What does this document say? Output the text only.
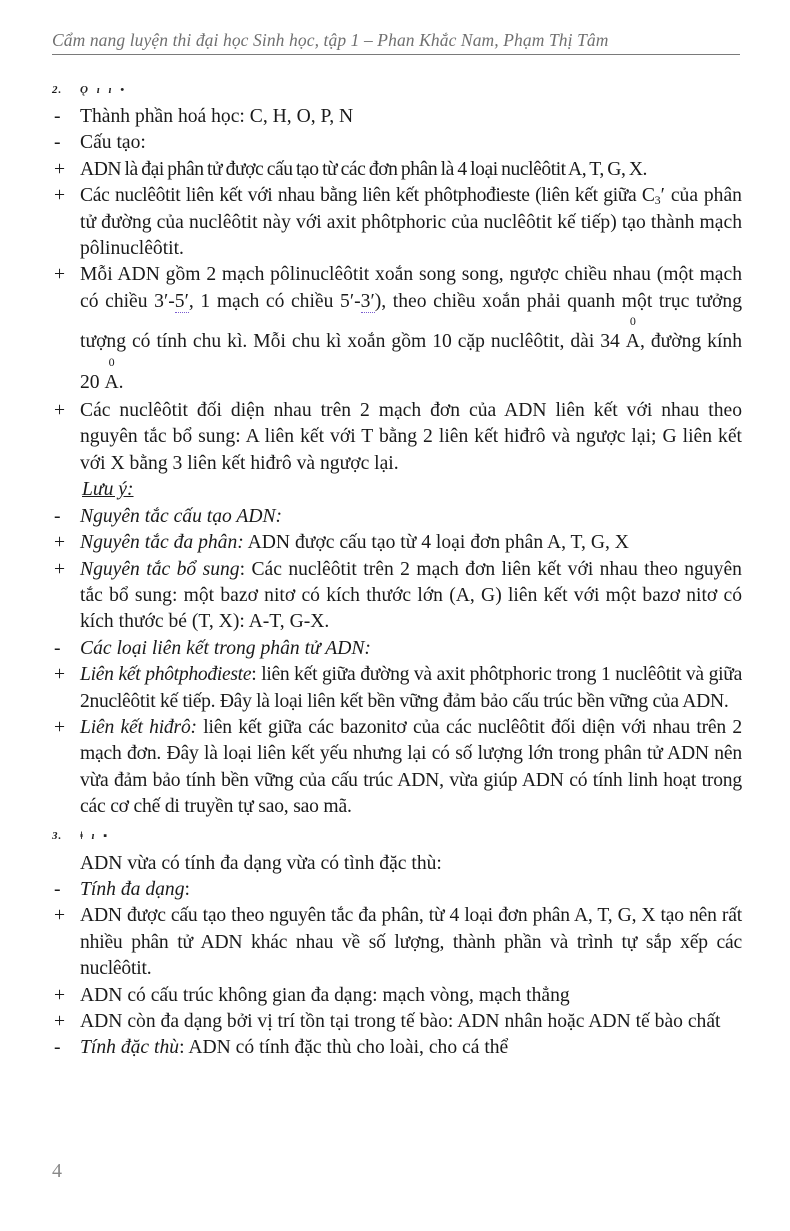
Cẩm nang luyện thi đại học Sinh học, tập 1 – Phan Khắc Nam, Phạm Thị Tâm
2.	Ǫ ı ı •
- Thành phần hoá học: C, H, O, P, N
- Cấu tạo:
+ ADN là đại phân tử được cấu tạo từ các đơn phân là 4 loại nuclêôtit A, T, G, X.
+ Các nuclêôtit liên kết với nhau bằng liên kết phôtphođieste (liên kết giữa $C_3'$ của phân tử đường của nuclêôtit này với axit phôtphoric của nuclêôtit kế tiếp) tạo thành mạch pôlinuclêôtit.
+ Mỗi ADN gồm 2 mạch pôlinuclêôtit xoắn song song, ngược chiều nhau (một mạch có chiều 3′-5′, 1 mạch có chiều 5′-3′), theo chiều xoắn phải quanh một trục tưởng tượng có tính chu kì. Mỗi chu kì xoắn gồm 10 cặp nuclêôtit, dài 34
0
A , đường kính 20
0
A .
+ Các nuclêôtit đối diện nhau trên 2 mạch đơn của ADN liên kết với nhau theo nguyên tắc bổ sung: A liên kết với T bằng 2 liên kết hiđrô và ngược lại; G liên kết với X bằng 3 liên kết hiđrô và ngược lại.
Lưu ý:
- Nguyên tắc cấu tạo ADN:
+ Nguyên tắc đa phân: ADN được cấu tạo từ 4 loại đơn phân A, T, G, X
+ Nguyên tắc bổ sung: Các nuclêôtit trên 2 mạch đơn liên kết với nhau theo nguyên tắc bổ sung: một bazơ nitơ có kích thước lớn (A, G) liên kết với một bazơ nitơ có kích thước bé (T, X): A-T, G-X.
- Các loại liên kết trong phân tử ADN:
+ Liên kết phôtphođieste: liên kết giữa đường và axit phôtphoric trong 1 nuclêôtit và giữa 2nuclêôtit kế tiếp. Đây là loại liên kết bền vững đảm bảo cấu trúc bền vững của ADN.
+ Liên kết hiđrô: liên kết giữa các bazonitơ của các nuclêôtit đối diện với nhau trên 2 mạch đơn. Đây là loại liên kết yếu nhưng lại có số lượng lớn trong phân tử ADN nên vừa đảm bảo tính bền vững của cấu trúc ADN, vừa giúp ADN có tính linh hoạt trong các cơ chế di truyền tự sao, sao mã.
3.	ǂ ı ▪
ADN vừa có tính đa dạng vừa có tình đặc thù:
- Tính đa dạng:
+ ADN được cấu tạo theo nguyên tắc đa phân, từ 4 loại đơn phân A, T, G, X tạo nên rất nhiều phân tử ADN khác nhau về số lượng, thành phần và trình tự sắp xếp các nuclêôtit.
+ ADN có cấu trúc không gian đa dạng: mạch vòng, mạch thẳng
+ ADN còn đa dạng bởi vị trí tồn tại trong tế bào: ADN nhân hoặc ADN tế bào chất
- Tính đặc thù: ADN có tính đặc thù cho loài, cho cá thể
4
